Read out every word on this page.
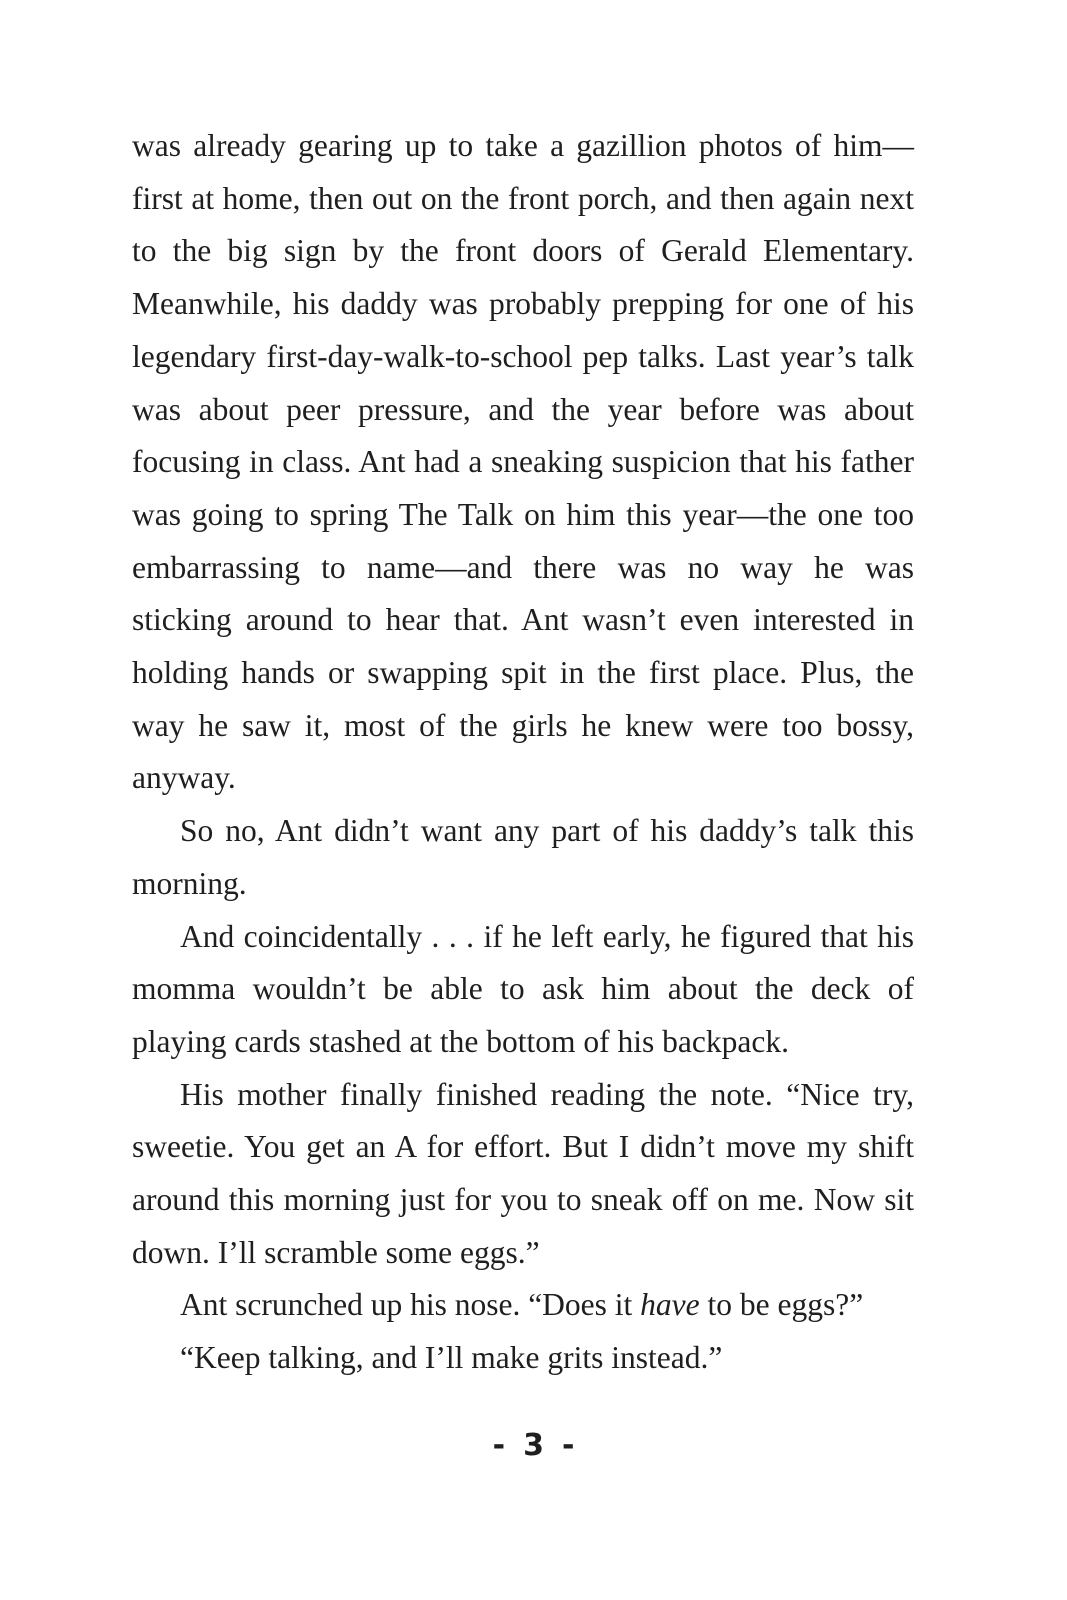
was already gearing up to take a gazillion photos of him—first at home, then out on the front porch, and then again next to the big sign by the front doors of Gerald Elementary. Meanwhile, his daddy was probably prepping for one of his legendary first-day-walk-to-school pep talks. Last year’s talk was about peer pressure, and the year before was about focusing in class. Ant had a sneaking suspicion that his father was going to spring The Talk on him this year—the one too embarrassing to name—and there was no way he was sticking around to hear that. Ant wasn’t even interested in holding hands or swapping spit in the first place. Plus, the way he saw it, most of the girls he knew were too bossy, anyway.

So no, Ant didn’t want any part of his daddy’s talk this morning.

And coincidentally . . . if he left early, he figured that his momma wouldn’t be able to ask him about the deck of playing cards stashed at the bottom of his backpack.

His mother finally finished reading the note. “Nice try, sweetie. You get an A for effort. But I didn’t move my shift around this morning just for you to sneak off on me. Now sit down. I’ll scramble some eggs.”

Ant scrunched up his nose. “Does it have to be eggs?”

“Keep talking, and I’ll make grits instead.”

- 3 -
